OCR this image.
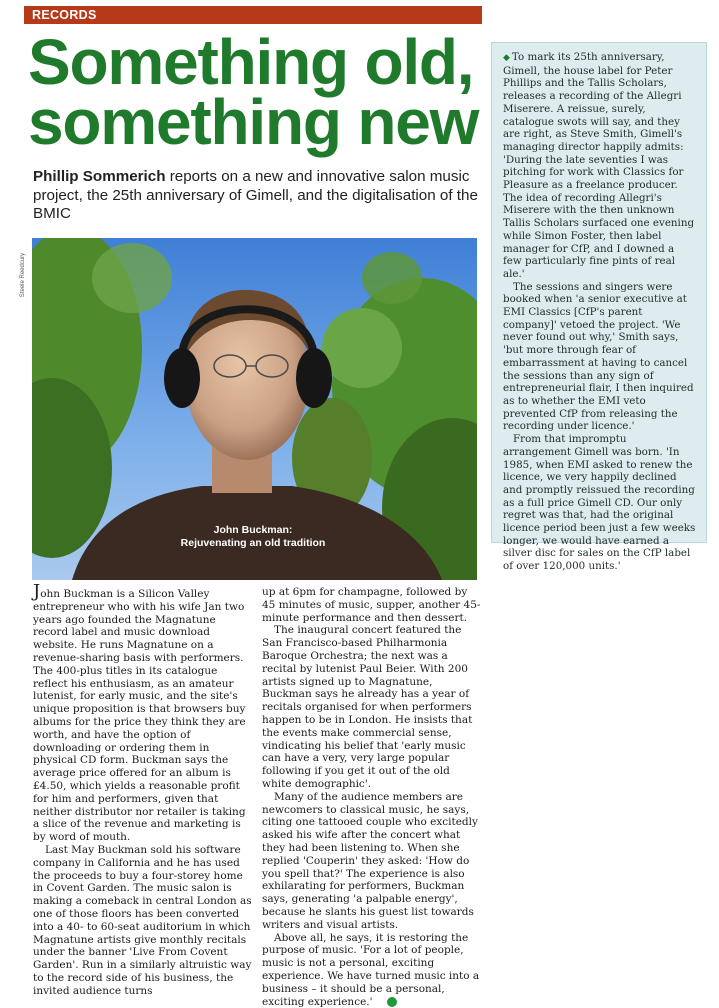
RECORDS
Something old,
something new

Phillip Sommerich reports on a new and innovative salon music project, the 25th anniversary of Gimell, and the digitalisation of the BMIC

Steele Reedcury
John Buckman:
Rejuvenating an old tradition

◆ To mark its 25th anniversary, Gimell, the house label for Peter Phillips and the Tallis Scholars, releases a recording of the Allegri Miserere. A reissue, surely, catalogue swots will say, and they are right, as Steve Smith, Gimell's managing director happily admits: 'During the late seventies I was pitching for work with Classics for Pleasure as a freelance producer. The idea of recording Allegri's Miserere with the then unknown Tallis Scholars surfaced one evening while Simon Foster, then label manager for CfP, and I downed a few particularly fine pints of real ale.'

The sessions and singers were booked when 'a senior executive at EMI Classics [CfP's parent company]' vetoed the project. 'We never found out why,' Smith says, 'but more through fear of embarrassment at having to cancel the sessions than any sign of entrepreneurial flair, I then inquired as to whether the EMI veto prevented CfP from releasing the recording under licence.'

From that impromptu arrangement Gimell was born. 'In 1985, when EMI asked to renew the licence, we very happily declined and promptly reissued the recording as a full price Gimell CD. Our only regret was that, had the original licence period been just a few weeks longer, we would have earned a silver disc for sales on the CfP label of over 120,000 units.'

John Buckman is a Silicon Valley entrepreneur who with his wife Jan two years ago founded the Magnatune record label and music download website. He runs Magnatune on a revenue-sharing basis with performers. The 400-plus titles in its catalogue reflect his enthusiasm, as an amateur lutenist, for early music, and the site's unique proposition is that browsers buy albums for the price they think they are worth, and have the option of downloading or ordering them in physical CD form. Buckman says the average price offered for an album is £4.50, which yields a reasonable profit for him and performers, given that neither distributor nor retailer is taking a slice of the revenue and marketing is by word of mouth.

Last May Buckman sold his software company in California and he has used the proceeds to buy a four-storey home in Covent Garden. The music salon is making a comeback in central London as one of those floors has been converted into a 40- to 60-seat auditorium in which Magnatune artists give monthly recitals under the banner 'Live From Covent Garden'. Run in a similarly altruistic way to the record side of his business, the invited audience turns

up at 6pm for champagne, followed by 45 minutes of music, supper, another 45-minute performance and then dessert.

The inaugural concert featured the San Francisco-based Philharmonia Baroque Orchestra; the next was a recital by lutenist Paul Beier. With 200 artists signed up to Magnatune, Buckman says he already has a year of recitals organised for when performers happen to be in London. He insists that the events make commercial sense, vindicating his belief that 'early music can have a very, very large popular following if you get it out of the old white demographic'.

Many of the audience members are newcomers to classical music, he says, citing one tattooed couple who excitedly asked his wife after the concert what they had been listening to. When she replied 'Couperin' they asked: 'How do you spell that?' The experience is also exhilarating for performers, Buckman says, generating 'a palpable energy', because he slants his guest list towards writers and visual artists.

Above all, he says, it is restoring the purpose of music. 'For a lot of people, music is not a personal, exciting experience. We have turned music into a business – it should be a personal, exciting experience.'
